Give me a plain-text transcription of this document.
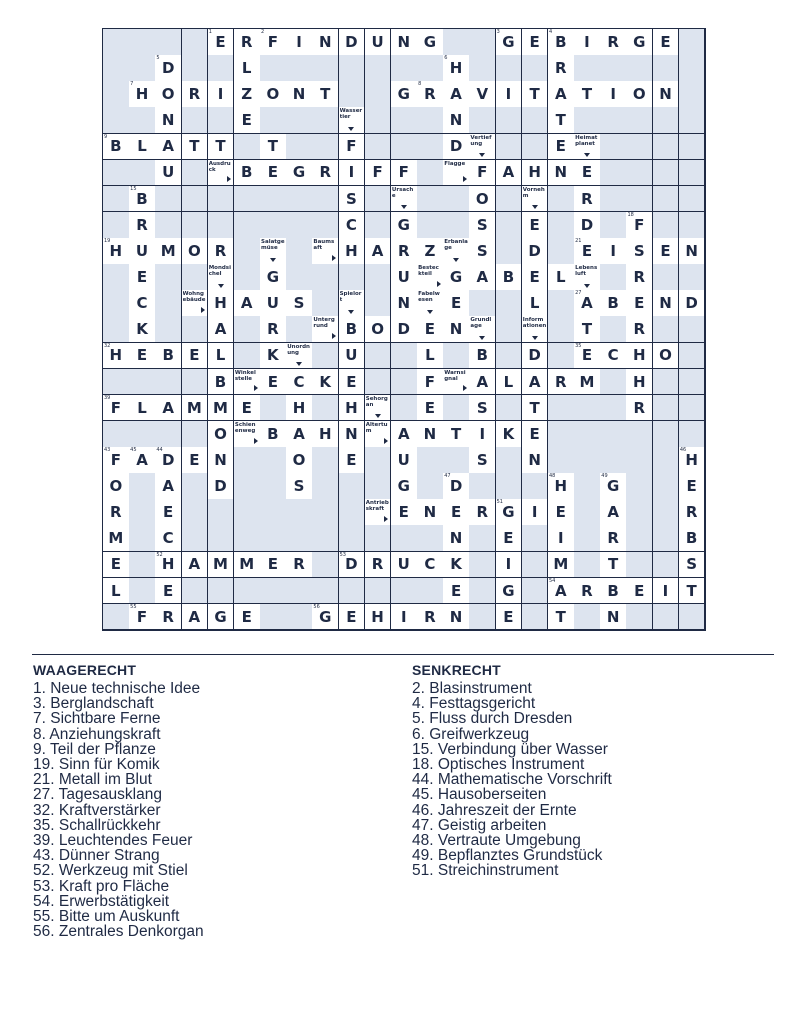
E
1
R	F
2
I	N D U N G	G
3
E	B
4
I	R G E
D
5
L	H
6
R
H
7
O R	I	Z O N T	G R
8
A V	I	T	A	T	I	O N
N	E	Wassertier	N	T
B
9
L	A	T	T	T	F	D	Vertiefung	E	Heimatplanet
U	Ausdruck	B	E G R	I	F	F	Flagge F	A H N E
B
15
S	Ursache	O	Vornehm	R
R	C	G	S	E	D	F
18
H
19
U M O R	Salatgemüse
Baumsaft	H A R Z	Erbanlage	S	D	E
21
I	S	E N
E	Mondsichel	G	U	Besteckteil	G A B	E	L	Lebensluft	R
C	Wohngebäude H A U S	Spielort	N	Fabelwesen	E	L	A
27
B	E N D
K	A	R	Untergrund	B O D E N	Grundlage
Informationen	T	R
H
32
E	B	E	L	K	Unordnung	U	L	B	D	E
35
C H O
B	Winkelstelle	E	C K	E	F	Warnsignal	A	L	A R M	H
F
39
L	A M M E	H	H	Sehorgan	E	S	T	R
O	Schienenweg B A H N	Altertum	A N T	I	K	E
F
43
A
45
D
44
E N	O	E	U	S	N	H
46
O	A	D	S	G	D
47
H
48
G
49
E
R	E	Antriebskraft E N E	R G
51
I	E	A	R
M	C	N	E	I	R	B
E	H
52
A M M E	R	D
53
R U C K	I	M	T	S
L	E	E	G	A
54
R B	E	I	T
F
55
R A G E	G
56
E H	I	R N	E	T	N
WAAGERECHT
1. Neue technische Idee
3. Berglandschaft
7. Sichtbare Ferne
8. Anziehungskraft
9. Teil der Pflanze
19. Sinn für Komik
21. Metall im Blut
27. Tagesausklang
32. Kraftverstärker
35. Schallrückkehr
39. Leuchtendes Feuer
43. Dünner Strang
52. Werkzeug mit Stiel
53. Kraft pro Fläche
54. Erwerbstätigkeit
55. Bitte um Auskunft
56. Zentrales Denkorgan
SENKRECHT
2. Blasinstrument
4. Festtagsgericht
5. Fluss durch Dresden
6. Greifwerkzeug
15. Verbindung über Wasser
18. Optisches Instrument
44. Mathematische Vorschrift
45. Hausoberseiten
46. Jahreszeit der Ernte
47. Geistig arbeiten
48. Vertraute Umgebung
49. Bepflanztes Grundstück
51. Streichinstrument
